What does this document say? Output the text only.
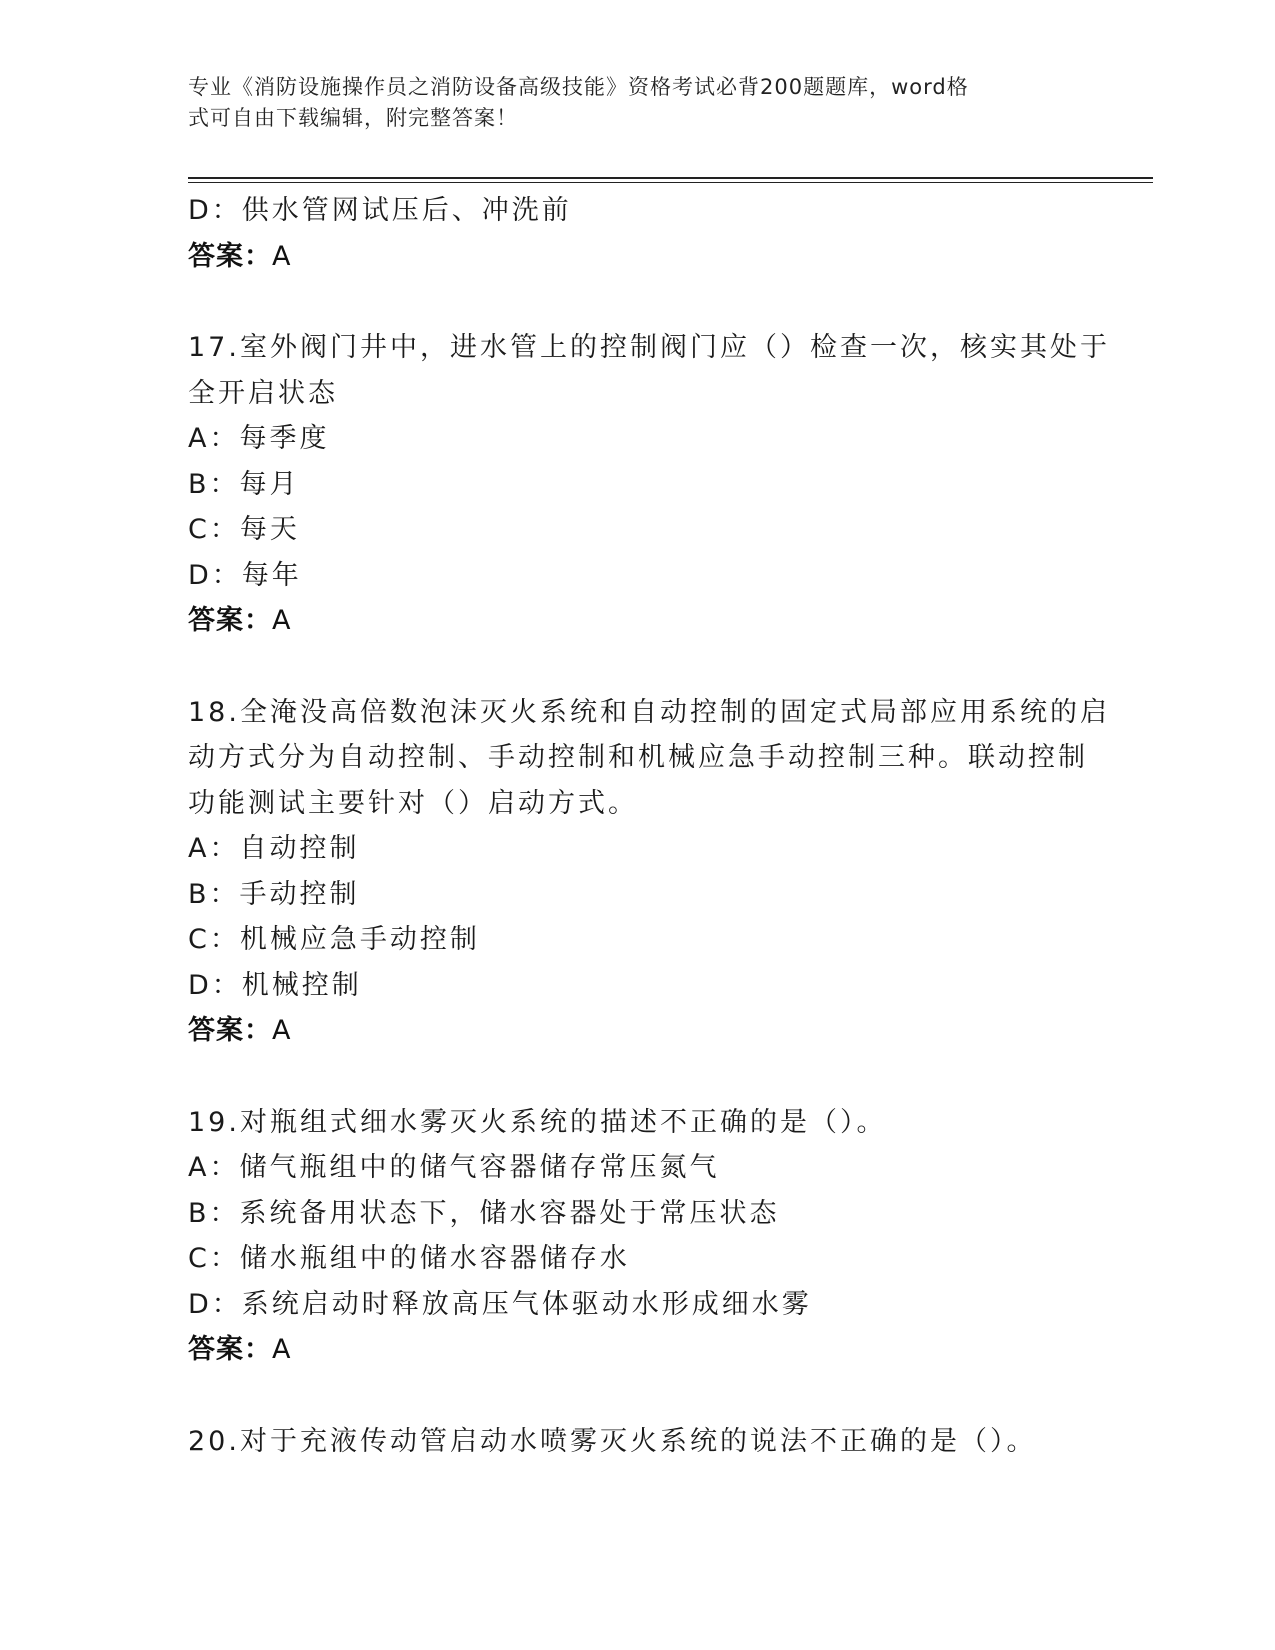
专业《消防设施操作员之消防设备高级技能》资格考试必背200题题库，word格
式可自由下载编辑，附完整答案！
D：供水管网试压后、冲洗前
答案：A
17.室外阀门井中，进水管上的控制阀门应（）检查一次，核实其处于
全开启状态
A：每季度
B：每月
C：每天
D：每年
答案：A
18.全淹没高倍数泡沫灭火系统和自动控制的固定式局部应用系统的启
动方式分为自动控制、手动控制和机械应急手动控制三种。联动控制
功能测试主要针对（）启动方式。
A：自动控制
B：手动控制
C：机械应急手动控制
D：机械控制
答案：A
19.对瓶组式细水雾灭火系统的描述不正确的是（）。
A：储气瓶组中的储气容器储存常压氮气
B：系统备用状态下，储水容器处于常压状态
C：储水瓶组中的储水容器储存水
D：系统启动时释放高压气体驱动水形成细水雾
答案：A
20.对于充液传动管启动水喷雾灭火系统的说法不正确的是（）。
